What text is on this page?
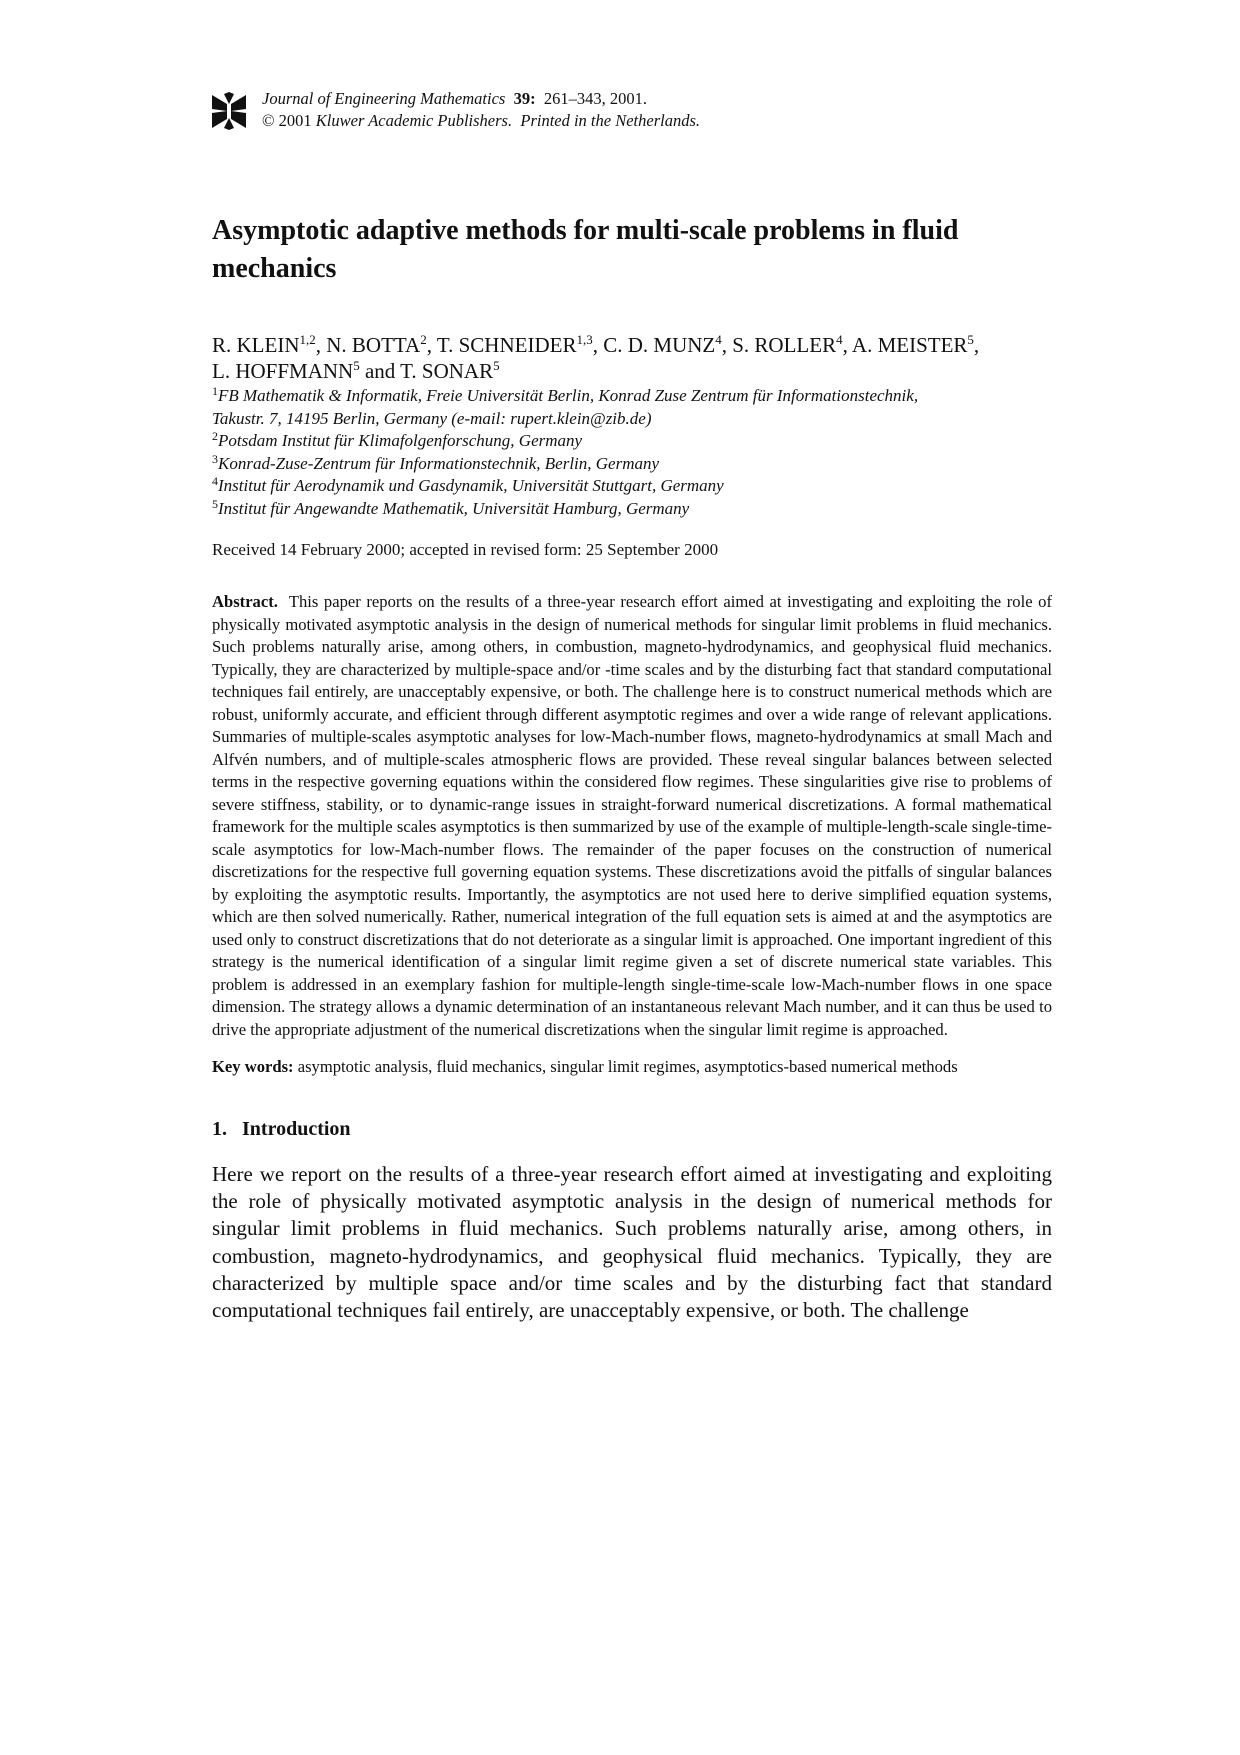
Journal of Engineering Mathematics 39: 261–343, 2001.
© 2001 Kluwer Academic Publishers. Printed in the Netherlands.
Asymptotic adaptive methods for multi-scale problems in fluid mechanics
R. KLEIN$^{1,2}$, N. BOTTA$^2$, T. SCHNEIDER$^{1,3}$, C. D. MUNZ$^4$, S. ROLLER$^4$, A. MEISTER$^5$,
L. HOFFMANN$^5$ and T. SONAR$^5$
$^1$FB Mathematik & Informatik, Freie Universität Berlin, Konrad Zuse Zentrum für Informationstechnik,
Takustr. 7, 14195 Berlin, Germany (e-mail: rupert.klein@zib.de)
$^2$Potsdam Institut für Klimafolgenforschung, Germany
$^3$Konrad-Zuse-Zentrum für Informationstechnik, Berlin, Germany
$^4$Institut für Aerodynamik und Gasdynamik, Universität Stuttgart, Germany
$^5$Institut für Angewandte Mathematik, Universität Hamburg, Germany
Received 14 February 2000; accepted in revised form: 25 September 2000
Abstract. This paper reports on the results of a three-year research effort aimed at investigating and exploiting the role of physically motivated asymptotic analysis in the design of numerical methods for singular limit problems in fluid mechanics. Such problems naturally arise, among others, in combustion, magneto-hydrodynamics, and geophysical fluid mechanics. Typically, they are characterized by multiple-space and/or -time scales and by the disturbing fact that standard computational techniques fail entirely, are unacceptably expensive, or both. The challenge here is to construct numerical methods which are robust, uniformly accurate, and efficient through different asymptotic regimes and over a wide range of relevant applications. Summaries of multiple-scales asymptotic analyses for low-Mach-number flows, magneto-hydrodynamics at small Mach and Alfvén numbers, and of multiple-scales atmospheric flows are provided. These reveal singular balances between selected terms in the respective governing equations within the considered flow regimes. These singularities give rise to problems of severe stiffness, stability, or to dynamic-range issues in straight-forward numerical discretizations. A formal mathematical framework for the multiple scales asymptotics is then summarized by use of the example of multiple-length-scale single-time-scale asymptotics for low-Mach-number flows. The remainder of the paper focuses on the construction of numerical discretizations for the respective full governing equation systems. These discretizations avoid the pitfalls of singular balances by exploiting the asymptotic results. Importantly, the asymptotics are not used here to derive simplified equation systems, which are then solved numerically. Rather, numerical integration of the full equation sets is aimed at and the asymptotics are used only to construct discretizations that do not deteriorate as a singular limit is approached. One important ingredient of this strategy is the numerical identification of a singular limit regime given a set of discrete numerical state variables. This problem is addressed in an exemplary fashion for multiple-length single-time-scale low-Mach-number flows in one space dimension. The strategy allows a dynamic determination of an instantaneous relevant Mach number, and it can thus be used to drive the appropriate adjustment of the numerical discretizations when the singular limit regime is approached.
Key words: asymptotic analysis, fluid mechanics, singular limit regimes, asymptotics-based numerical methods
1.   Introduction
Here we report on the results of a three-year research effort aimed at investigating and exploiting the role of physically motivated asymptotic analysis in the design of numerical methods for singular limit problems in fluid mechanics. Such problems naturally arise, among others, in combustion, magneto-hydrodynamics, and geophysical fluid mechanics. Typically, they are characterized by multiple space and/or time scales and by the disturbing fact that standard computational techniques fail entirely, are unacceptably expensive, or both. The challenge
